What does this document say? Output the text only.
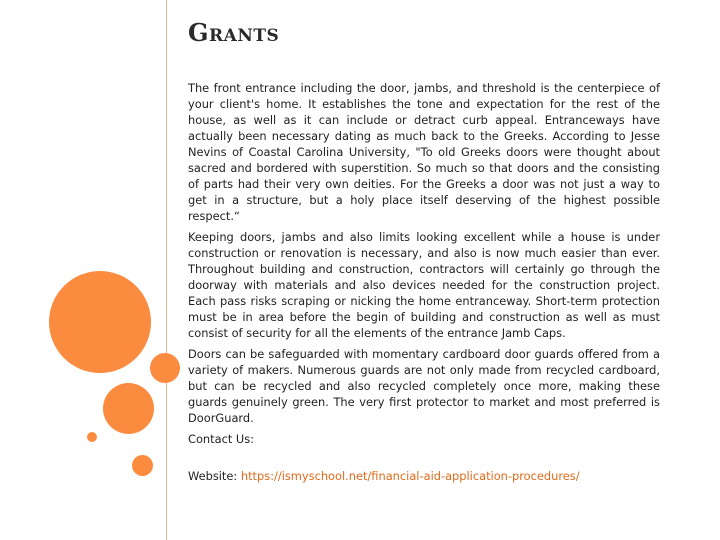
Grants

The front entrance including the door, jambs, and threshold is the centerpiece of your client's home. It establishes the tone and expectation for the rest of the house, as well as it can include or detract curb appeal. Entranceways have actually been necessary dating as much back to the Greeks. According to Jesse Nevins of Coastal Carolina University, "To old Greeks doors were thought about sacred and bordered with superstition. So much so that doors and the consisting of parts had their very own deities. For the Greeks a door was not just a way to get in a structure, but a holy place itself deserving of the highest possible respect.“

Keeping doors, jambs and also limits looking excellent while a house is under construction or renovation is necessary, and also is now much easier than ever. Throughout building and construction, contractors will certainly go through the doorway with materials and also devices needed for the construction project. Each pass risks scraping or nicking the home entranceway. Short-term protection must be in area before the begin of building and construction as well as must consist of security for all the elements of the entrance Jamb Caps.

Doors can be safeguarded with momentary cardboard door guards offered from a variety of makers. Numerous guards are not only made from recycled cardboard, but can be recycled and also recycled completely once more, making these guards genuinely green. The very first protector to market and most preferred is DoorGuard.

Contact Us:

Website: https://ismyschool.net/financial-aid-application-procedures/
